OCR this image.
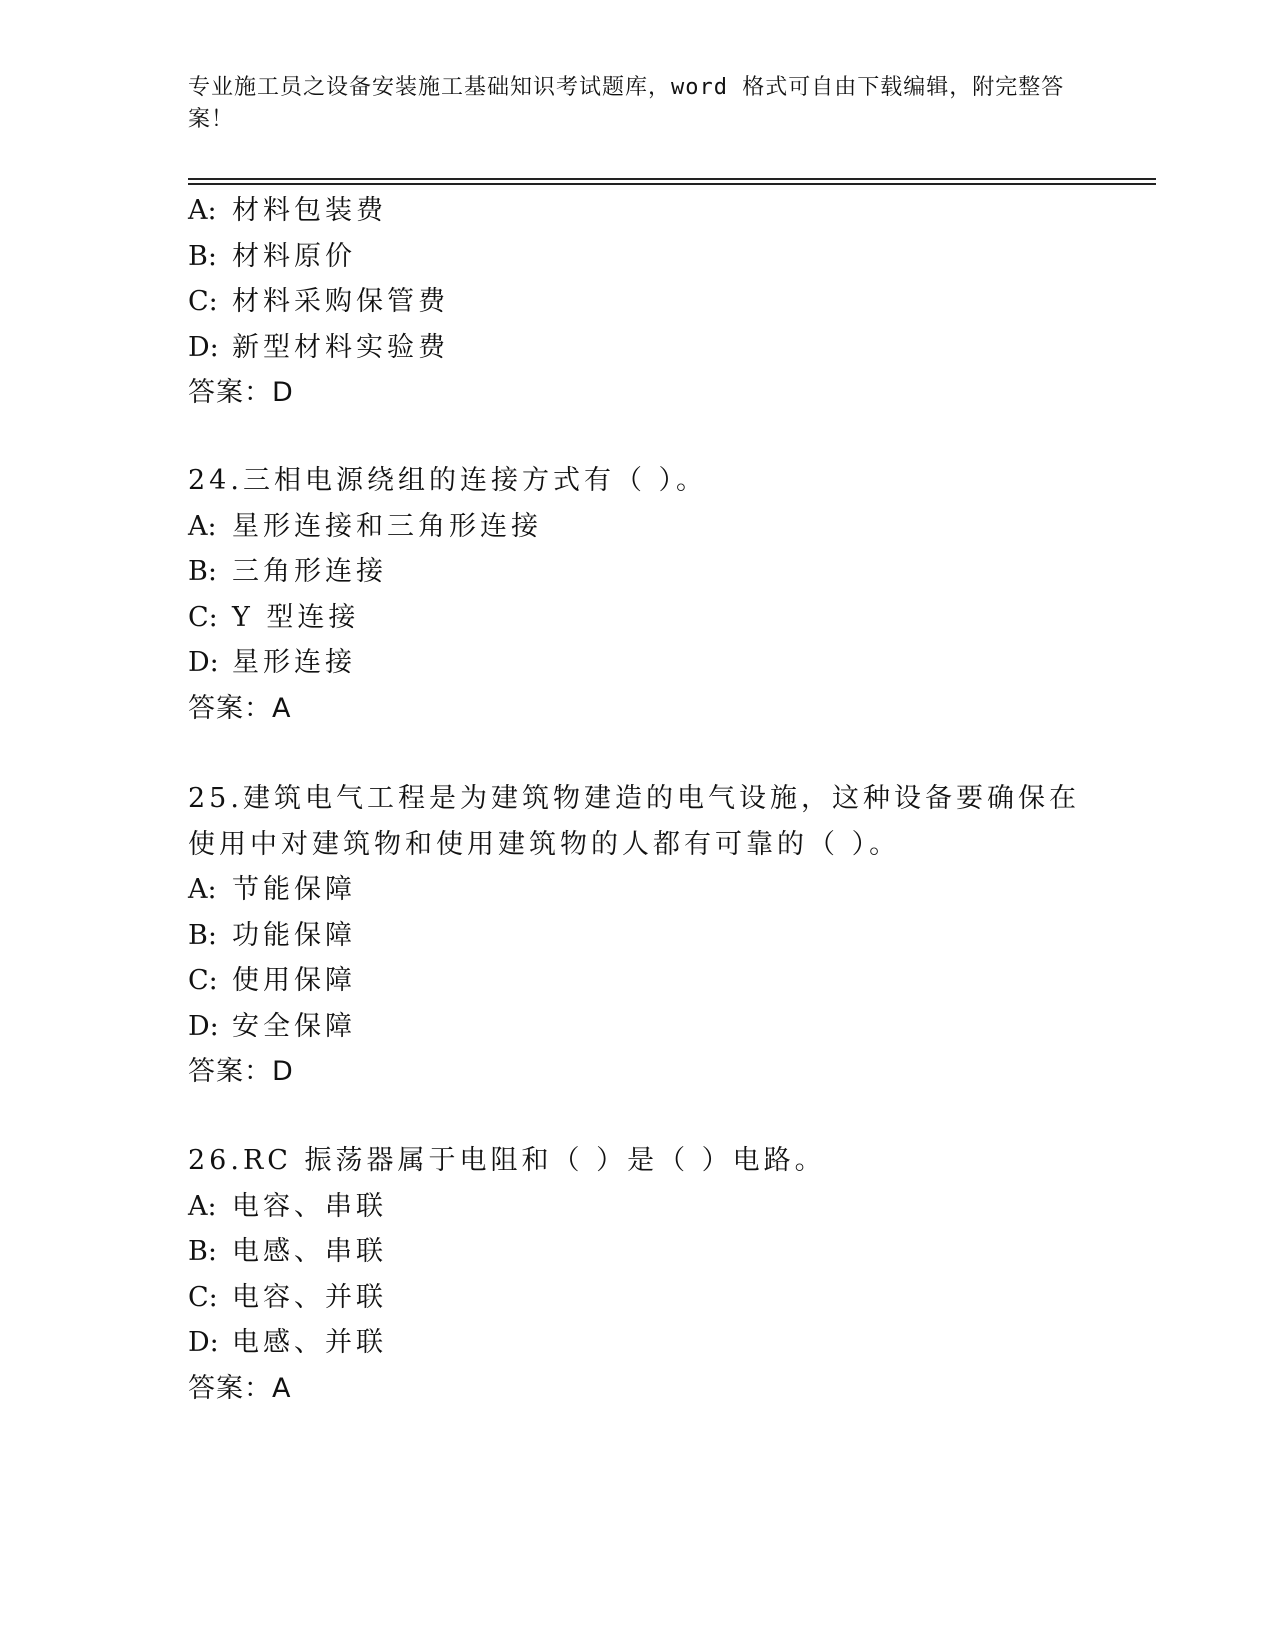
专业施工员之设备安装施工基础知识考试题库，word 格式可自由下载编辑，附完整答案！
A: 材料包装费
B: 材料原价
C: 材料采购保管费
D: 新型材料实验费
答案：D
24.三相电源绕组的连接方式有（ ）。
A: 星形连接和三角形连接
B: 三角形连接
C: Y 型连接
D: 星形连接
答案：A
25.建筑电气工程是为建筑物建造的电气设施，这种设备要确保在使用中对建筑物和使用建筑物的人都有可靠的（ ）。
A: 节能保障
B: 功能保障
C: 使用保障
D: 安全保障
答案：D
26.RC 振荡器属于电阻和（ ）是（ ）电路。
A: 电容、串联
B: 电感、串联
C: 电容、并联
D: 电感、并联
答案：A
